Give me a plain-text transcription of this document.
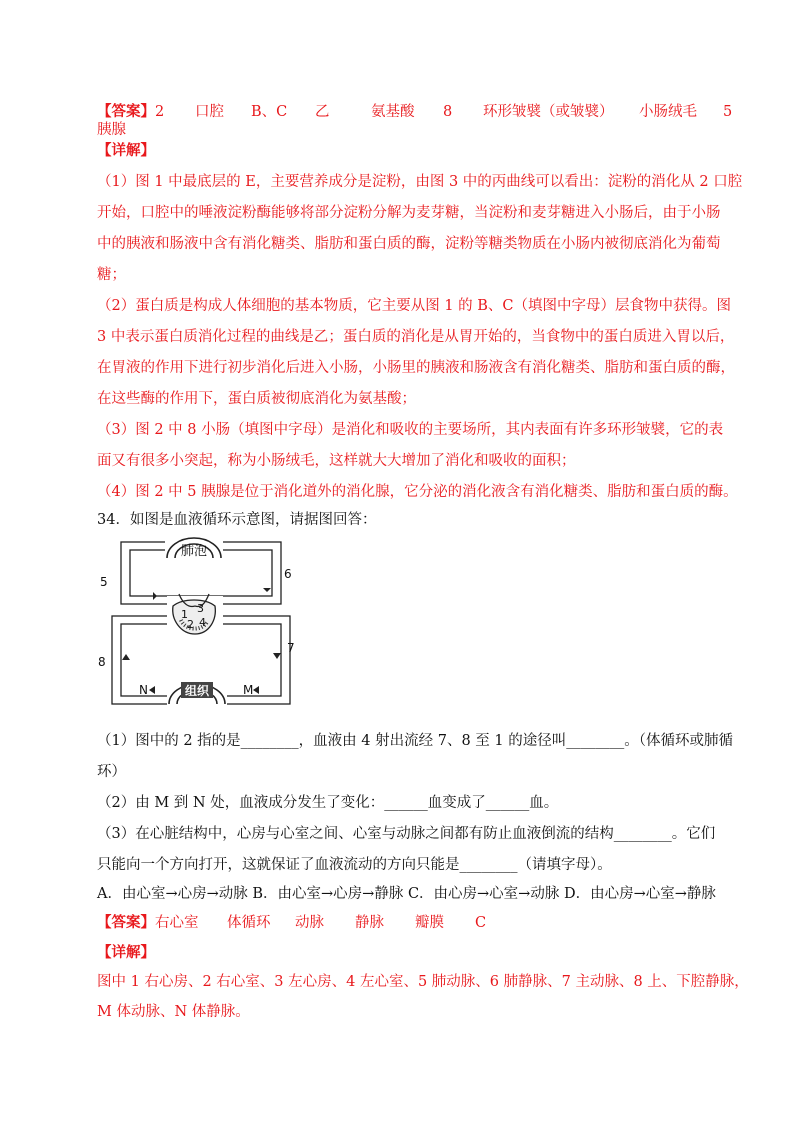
【答案】2 口腔 B、C 乙	氨基酸 8 环形皱襞（或皱襞） 小肠绒毛 5
胰腺
【详解】
（1）图 1 中最底层的 E，主要营养成分是淀粉，由图 3 中的丙曲线可以看出：淀粉的消化从 2 口腔
开始，口腔中的唾液淀粉酶能够将部分淀粉分解为麦芽糖，当淀粉和麦芽糖进入小肠后，由于小肠
中的胰液和肠液中含有消化糖类、脂肪和蛋白质的酶，淀粉等糖类物质在小肠内被彻底消化为葡萄
糖；
（2）蛋白质是构成人体细胞的基本物质，它主要从图 1 的 B、C（填图中字母）层食物中获得。图
3 中表示蛋白质消化过程的曲线是乙；蛋白质的消化是从胃开始的，当食物中的蛋白质进入胃以后，
在胃液的作用下进行初步消化后进入小肠，小肠里的胰液和肠液含有消化糖类、脂肪和蛋白质的酶，
在这些酶的作用下，蛋白质被彻底消化为氨基酸；
（3）图 2 中 8 小肠（填图中字母）是消化和吸收的主要场所，其内表面有许多环形皱襞，它的表
面又有很多小突起，称为小肠绒毛，这样就大大增加了消化和吸收的面积；
（4）图 2 中 5 胰腺是位于消化道外的消化腺，它分泌的消化液含有消化糖类、脂肪和蛋白质的酶。
34．如图是血液循环示意图，请据图回答：
肺泡
1 3
2 4
组织
5
6
7
8
N	M
（1）图中的 2 指的是________，血液由 4 射出流经 7、8 至 1 的途径叫________。（体循环或肺循
环）
（2）由 M 到 N 处，血液成分发生了变化：______血变成了______血。
（3）在心脏结构中，心房与心室之间、心室与动脉之间都有防止血液倒流的结构________。它们
只能向一个方向打开，这就保证了血液流动的方向只能是________（请填字母）。
A．由心室→心房→动脉 B．由心室→心房→静脉 C．由心房→心室→动脉 D．由心房→心室→静脉
【答案】右心室 体循环 动脉 静脉 瓣膜 C
【详解】
图中 1 右心房、2 右心室、3 左心房、4 左心室、5 肺动脉、6 肺静脉、7 主动脉、8 上、下腔静脉，
M 体动脉、N 体静脉。
